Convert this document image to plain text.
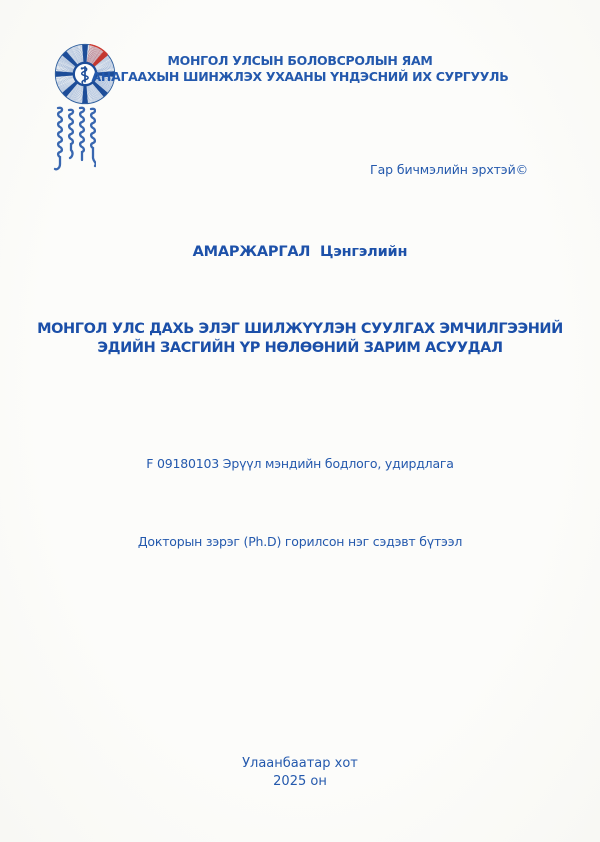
МОНГОЛ УЛСЫН БОЛОВСРОЛЫН ЯАМ
АНАГААХЫН ШИНЖЛЭХ УХААНЫ ҮНДЭСНИЙ ИХ СУРГУУЛЬ
Гар бичмэлийн эрхтэй©
АМАРЖАРГАЛ  Цэнгэлийн
МОНГОЛ УЛС ДАХЬ ЭЛЭГ ШИЛЖҮҮЛЭН СУУЛГАХ ЭМЧИЛГЭЭНИЙ
ЭДИЙН ЗАСГИЙН ҮР НӨЛӨӨНИЙ ЗАРИМ АСУУДАЛ
F 09180103 Эрүүл мэндийн бодлого, удирдлага
Докторын зэрэг (Ph.D) горилсон нэг сэдэвт бүтээл
Улаанбаатар хот
2025 он
